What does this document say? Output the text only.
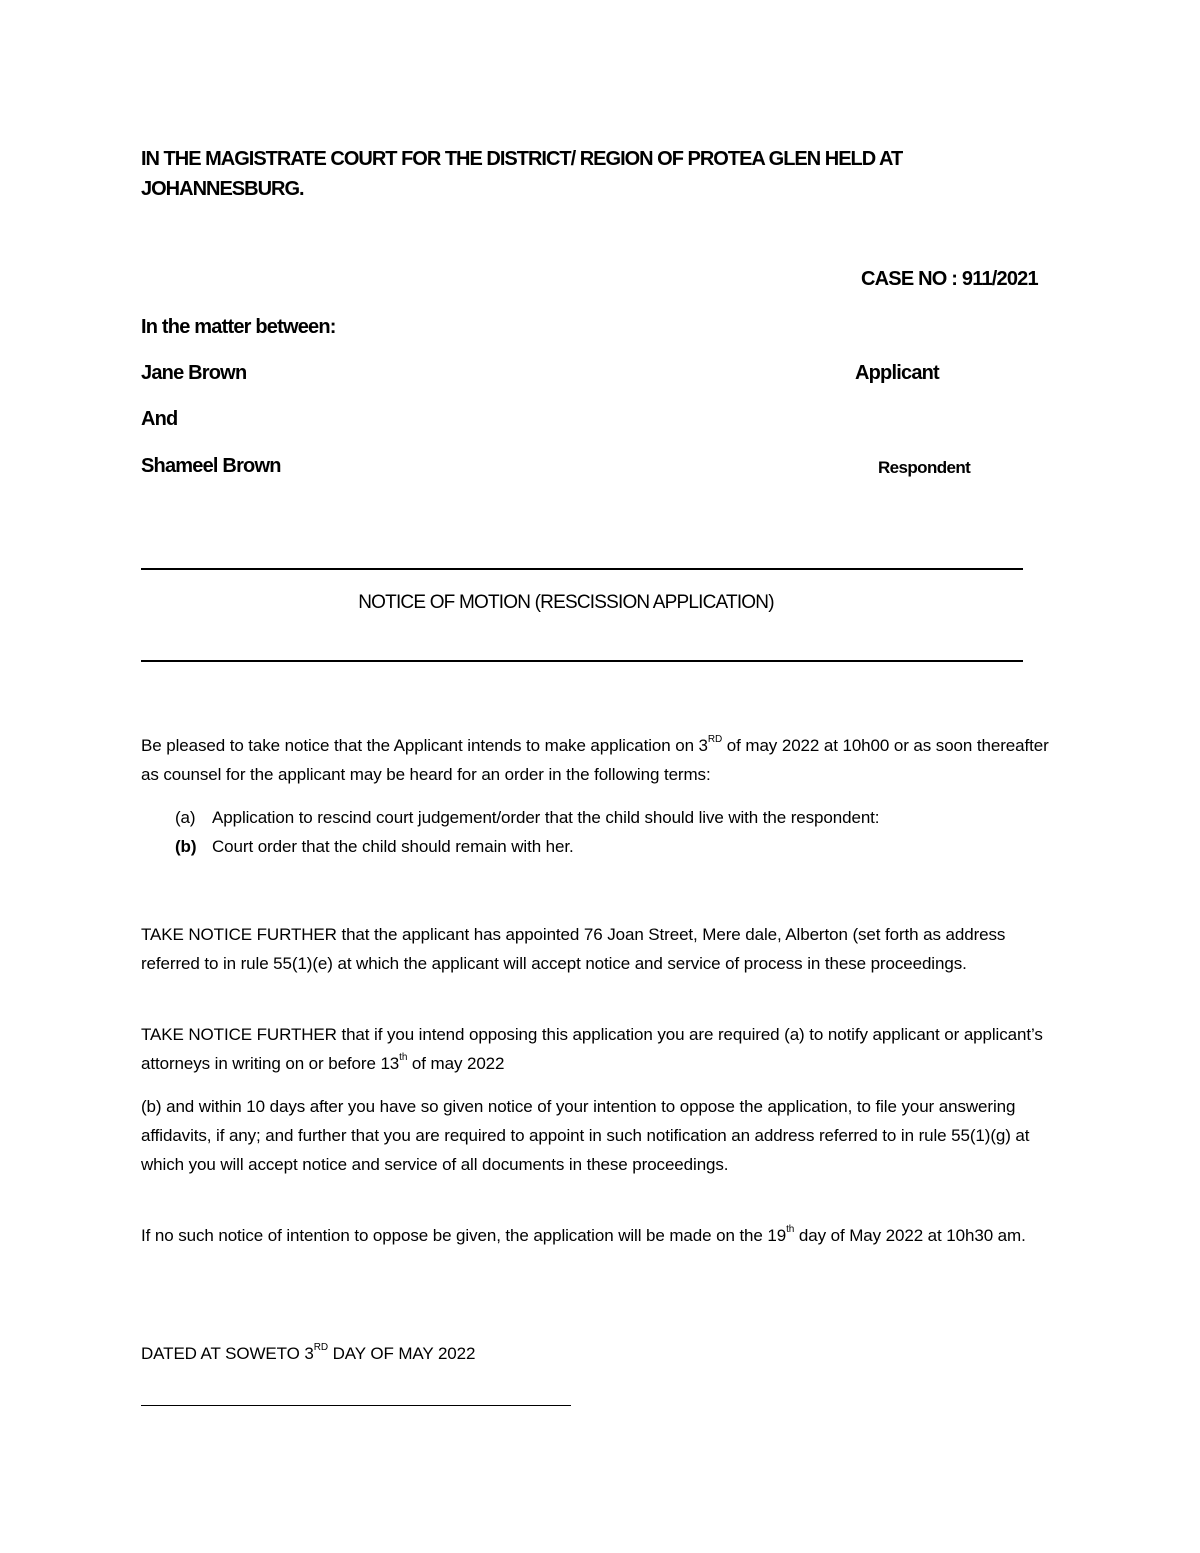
IN THE MAGISTRATE COURT FOR THE DISTRICT/ REGION OF PROTEA GLEN HELD AT JOHANNESBURG.
CASE NO : 911/2021
In the matter between:
Jane Brown	Applicant
And
Shameel Brown	Respondent
NOTICE OF MOTION (RESCISSION APPLICATION)
Be pleased to take notice that the Applicant intends to make application on 3RD of may 2022 at 10h00 or as soon thereafter as counsel for the applicant may be heard for an order in the following terms:
(a) Application to rescind court judgement/order that the child should live with the respondent:
(b) Court order that the child should remain with her.
TAKE NOTICE FURTHER that the applicant has appointed 76 Joan Street, Mere dale, Alberton (set forth as address referred to in rule 55(1)(e) at which the applicant will accept notice and service of process in these proceedings.
TAKE NOTICE FURTHER that if you intend opposing this application you are required (a) to notify applicant or applicant’s attorneys in writing on or before 13th of may 2022
(b) and within 10 days after you have so given notice of your intention to oppose the application, to file your answering affidavits, if any; and further that you are required to appoint in such notification an address referred to in rule 55(1)(g) at which you will accept notice and service of all documents in these proceedings.
If no such notice of intention to oppose be given, the application will be made on the 19th day of May 2022 at 10h30 am.
DATED AT SOWETO 3RD DAY OF MAY 2022
